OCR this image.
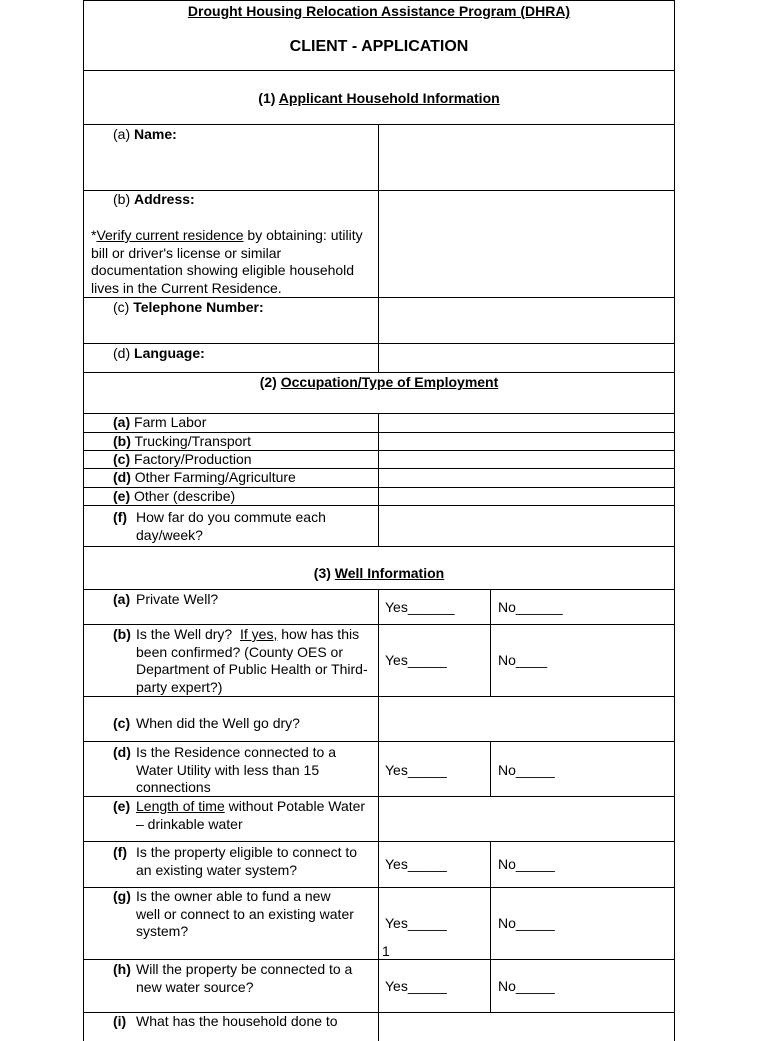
Drought Housing Relocation Assistance Program (DHRA)
CLIENT - APPLICATION
(1) Applicant Household Information
(a) Name:
(b) Address:
*Verify current residence by obtaining: utility bill or driver's license or similar documentation showing eligible household lives in the Current Residence.
(c) Telephone Number:
(d) Language:
(2) Occupation/Type of Employment
(a) Farm Labor
(b) Trucking/Transport
(c) Factory/Production
(d) Other Farming/Agriculture
(e) Other (describe)
(f) How far do you commute each day/week?
(3) Well Information
(a) Private Well?	Yes______	No______
(b) Is the Well dry? If yes, how has this been confirmed? (County OES or Department of Public Health or Third-party expert?)
Yes_____	No____
(c) When did the Well go dry?
(d) Is the Residence connected to a Water Utility with less than 15 connections
Yes_____	No_____
(e) Length of time without Potable Water – drinkable water
(f) Is the property eligible to connect to an existing water system?	Yes_____	No_____
(g) Is the owner able to fund a new well or connect to an existing water system?	Yes_____	No_____
1
(h) Will the property be connected to a new water source?	Yes_____	No_____
(i) What has the household done to
